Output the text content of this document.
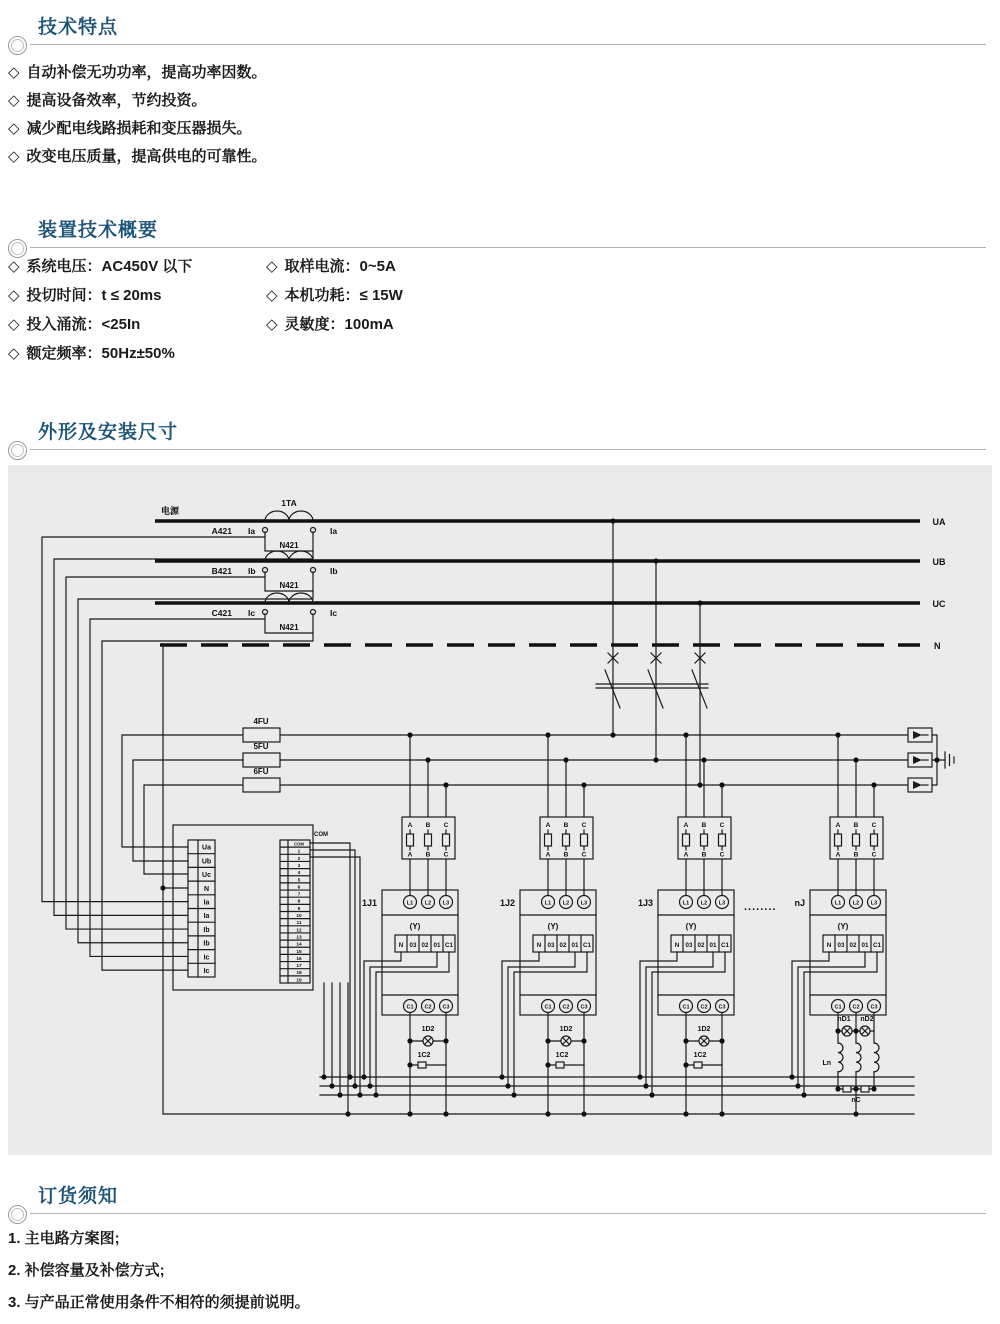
技术特点
◇ 自动补偿无功功率，提高功率因数。
◇ 提高设备效率，节约投资。
◇ 减少配电线路损耗和变压器损失。
◇ 改变电压质量，提高供电的可靠性。
装置技术概要
◇ 系统电压：AC450V 以下
◇ 投切时间：t ≤ 20ms
◇ 投入涌流：<25In
◇ 额定频率：50Hz±50%
◇ 取样电流：0~5A
◇ 本机功耗：≤ 15W
◇ 灵敏度：100mA
外形及安装尺寸
电源
1TA
N
4FU
5FU
6FU
COM
........
UA
N421
A421 Ia	Ia
UB
N421
B421 Ib	Ib
UC
N421
C421 Ic	Ic
Ua
Ub
Uc
N
Ia
Ia
Ib
Ib
Ic
Ic
COM
1
2
3
4
5
6
7
8
9
10
11
12
13
14
15
16
17
18
19
A
A
B
B
C
C
L1
C1
L2
C2
L3
C3
1J1
(Y)
N 03 02 01 C1
1D2
1C2
A
A
B
B
C
C
L1
C1
L2
C2
L3
C3
1J2
(Y)
N 03 02 01 C1
1D2
1C2
A
A
B
B
C
C
L1
C1
L2
C2
L3
C3
1J3
(Y)
N 03 02 01 C1
1D2
1C2
A
A
B
B
C
C
L1
C1
L2
C2
L3
C3
nJ
(Y)
N 03 02 01 C1
nD1 nD2
Ln
nC
订货须知
1. 主电路方案图;
2. 补偿容量及补偿方式;
3. 与产品正常使用条件不相符的须提前说明。
